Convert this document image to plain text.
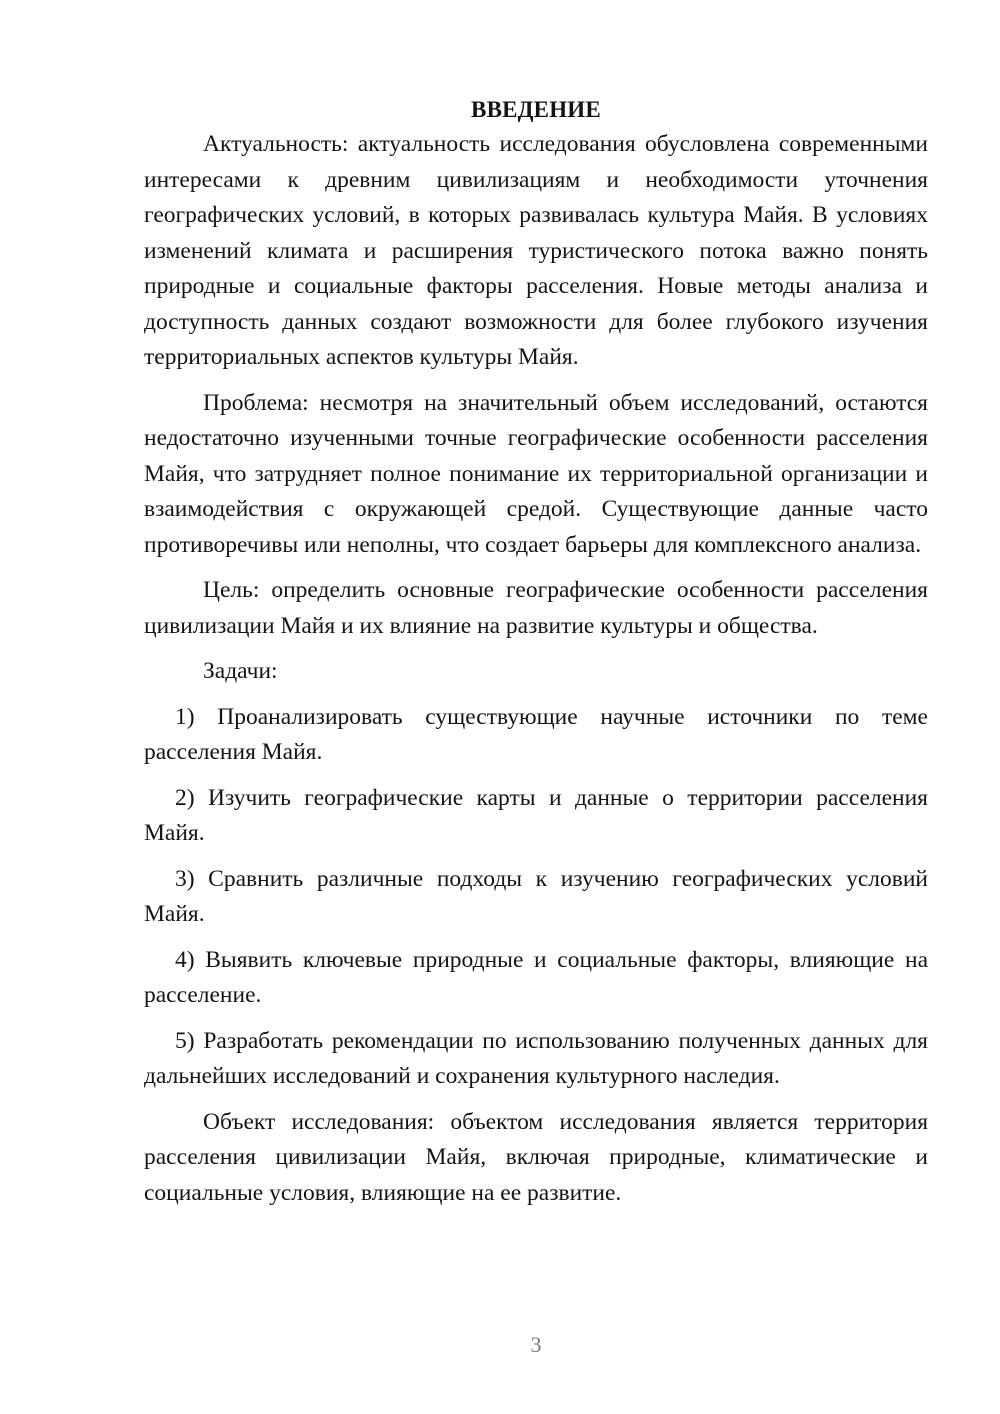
ВВЕДЕНИЕ

Актуальность: актуальность исследования обусловлена современными интересами к древним цивилизациям и необходимости уточнения географических условий, в которых развивалась культура Майя. В условиях изменений климата и расширения туристического потока важно понять природные и социальные факторы расселения. Новые методы анализа и доступность данных создают возможности для более глубокого изучения территориальных аспектов культуры Майя.

Проблема: несмотря на значительный объем исследований, остаются недостаточно изученными точные географические особенности расселения Майя, что затрудняет полное понимание их территориальной организации и взаимодействия с окружающей средой. Существующие данные часто противоречивы или неполны, что создает барьеры для комплексного анализа.

Цель: определить основные географические особенности расселения цивилизации Майя и их влияние на развитие культуры и общества.

Задачи:

1) Проанализировать существующие научные источники по теме расселения Майя.

2) Изучить географические карты и данные о территории расселения Майя.

3) Сравнить различные подходы к изучению географических условий Майя.

4) Выявить ключевые природные и социальные факторы, влияющие на расселение.

5) Разработать рекомендации по использованию полученных данных для дальнейших исследований и сохранения культурного наследия.

Объект исследования: объектом исследования является территория расселения цивилизации Майя, включая природные, климатические и социальные условия, влияющие на ее развитие.

3
